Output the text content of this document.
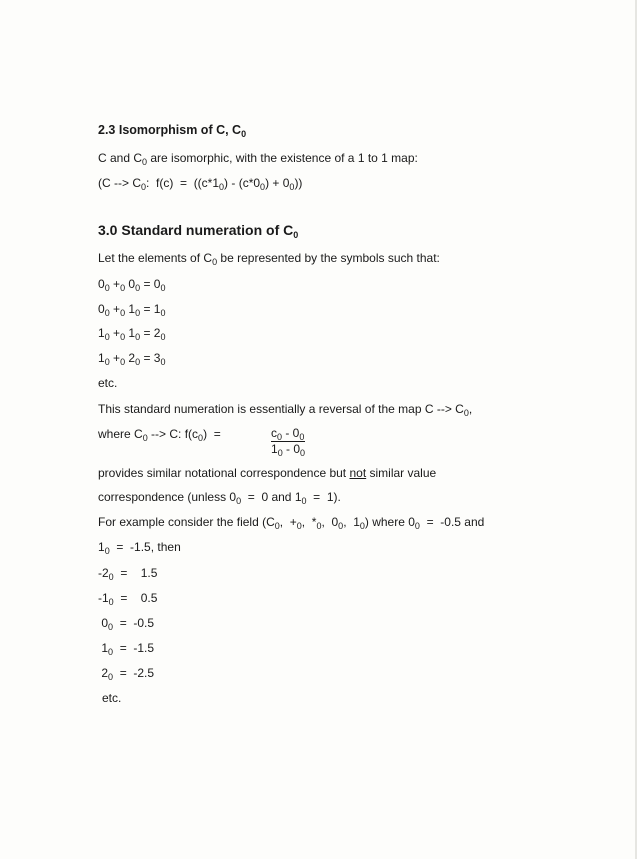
2.3 Isomorphism of C, $C_0$
C and $C_0$ are isomorphic, with the existence of a 1 to 1 map:
(C --> $C_0$:  $f(c) = ((c*1_0) - (c*0_0) + 0_0)$)
3.0 Standard numeration of $C_0$
Let the elements of $C_0$ be represented by the symbols such that:
$0_0 +_0$ $0_0 = 0_0$
$0_0 +_0$ $1_0 = 1_0$
$1_0 +_0$ $1_0 = 2_0$
$1_0 +_0$ $2_0 = 3_0$
etc.
This standard numeration is essentially a reversal of the map C --> $C_0$,
where $C_0$ --> C: $f(c_0)$  =	$\frac{c_0 - 0_0}{1_0 - 0_0}$
provides similar notational correspondence but not similar value
correspondence (unless $0_0 = 0$ and $1_0 = 1$).
For example consider the field ($C_0$,  $+_0$,  $*_0$,  $0_0$,  $1_0$) where $0_0 = -0.5$ and
$1_0 = -1.5$, then
$-2_0$  =    1.5
$-1_0$  =    0.5
$0_0 = -0.5$
$1_0 = -1.5$
$2_0 = -2.5$
etc.
